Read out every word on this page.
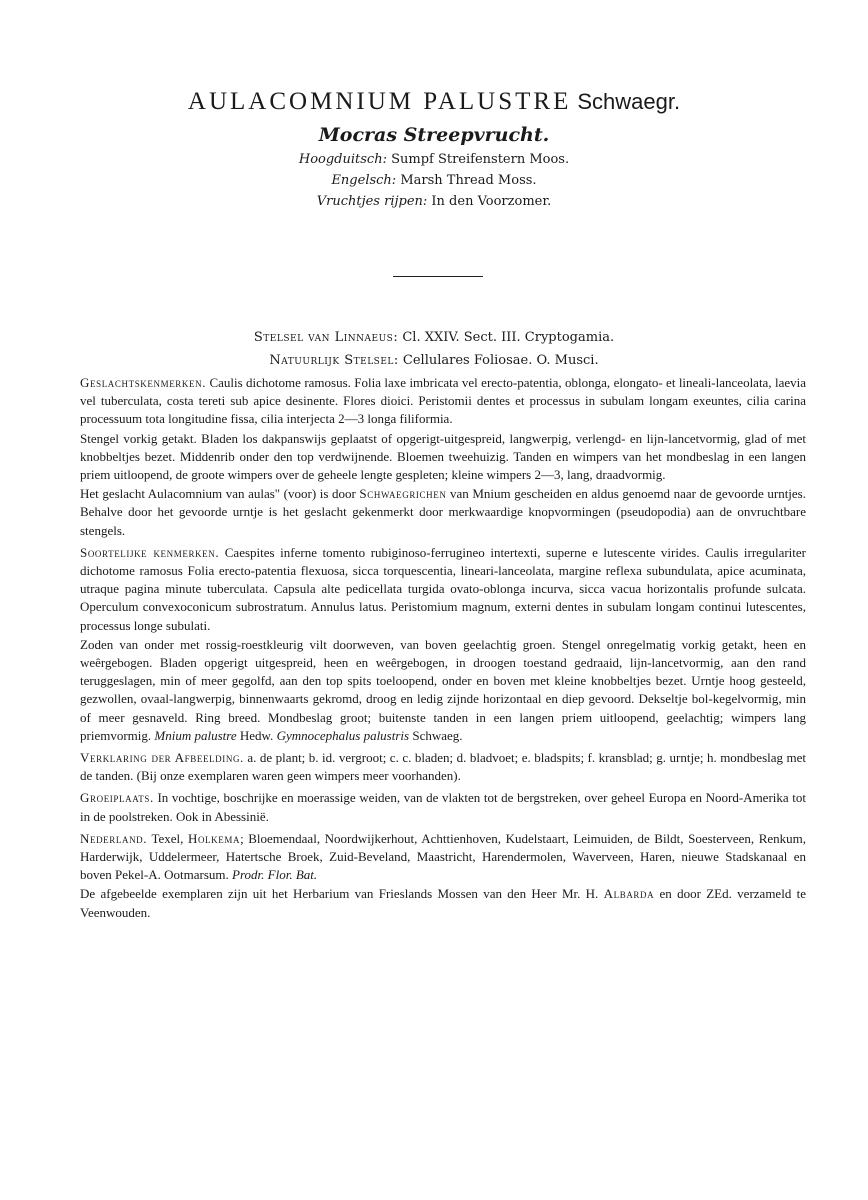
AULACOMNIUM PALUSTRE Schwaegr.
Mocras Streepvrucht.
Hoogduitsch: Sumpf Streifenstern Moos.
Engelsch: Marsh Thread Moss.
Vruchtjes rijpen: In den Voorzomer.
Stelsel van Linnaeus: Cl. XXIV. Sect. III. Cryptogamia.
Natuurlijk Stelsel: Cellulares Foliosae. O. Musci.

Geslachtskenmerken. Caulis dichotome ramosus. Folia laxe imbricata vel erecto-patentia, oblonga, elongato- et lineali-lanceolata, laevia vel tuberculata, costa tereti sub apice desinente. Flores dioici. Peristomii dentes et processus in subulam longam exeuntes, cilia carina processuum tota longitudine fissa, cilia interjecta 2—3 longa filiformia.

Stengel vorkig getakt. Bladen los dakpanswijs geplaatst of opgerigt-uitgespreid, langwerpig, verlengd- en lijn-lancetvormig, glad of met knobbeltjes bezet. Middenrib onder den top verdwijnende. Bloemen tweehuizig. Tanden en wimpers van het mondbeslag in een langen priem uitloopend, de groote wimpers over de geheele lengte gespleten; kleine wimpers 2—3, lang, draadvormig.

Het geslacht Aulacomnium van aulas" (voor) is door Schwaegrichen van Mnium gescheiden en aldus genoemd naar de gevoorde urntjes. Behalve door het gevoorde urntje is het geslacht gekenmerkt door merkwaardige knopvormingen (pseudopodia) aan de onvruchtbare stengels.

Soortelijke kenmerken. Caespites inferne tomento rubiginoso-ferrugineo intertexti, superne e lutescente virides. Caulis irregulariter dichotome ramosus Folia erecto-patentia flexuosa, sicca torquescentia, lineari-lanceolata, margine reflexa subundulata, apice acuminata, utraque pagina minute tuberculata. Capsula alte pedicellata turgida ovato-oblonga incurva, sicca vacua horizontalis profunde sulcata. Operculum convexoconicum subrostratum. Annulus latus. Peristomium magnum, externi dentes in subulam longam continui lutescentes, processus longe subulati.

Zoden van onder met rossig-roestkleurig vilt doorweven, van boven geelachtig groen. Stengel onregelmatig vorkig getakt, heen en weêrgebogen. Bladen opgerigt uitgespreid, heen en weêrgebogen, in droogen toestand gedraaid, lijn-lancetvormig, aan den rand teruggeslagen, min of meer gegolfd, aan den top spits toeloopend, onder en boven met kleine knobbeltjes bezet. Urntje hoog gesteeld, gezwollen, ovaal-langwerpig, binnenwaarts gekromd, droog en ledig zijnde horizontaal en diep gevoord. Dekseltje bol-kegelvormig, min of meer gesnaveld. Ring breed. Mondbeslag groot; buitenste tanden in een langen priem uitloopend, geelachtig; wimpers lang priemvormig. Mnium palustre Hedw. Gymnocephalus palustris Schwaeg.

Verklaring der Afbeelding. a. de plant; b. id. vergroot; c. c. bladen; d. bladvoet; e. bladspits; f. kransblad; g. urntje; h. mondbeslag met de tanden. (Bij onze exemplaren waren geen wimpers meer voorhanden).

Groeiplaats. In vochtige, boschrijke en moerassige weiden, van de vlakten tot de bergstreken, over geheel Europa en Noord-Amerika tot in de poolstreken. Ook in Abessinië.

Nederland. Texel, Holkema; Bloemendaal, Noordwijkerhout, Achttienhoven, Kudelstaart, Leimuiden, de Bildt, Soesterveen, Renkum, Harderwijk, Uddelermeer, Hatertsche Broek, Zuid-Beveland, Maastricht, Harendermolen, Waverveen, Haren, nieuwe Stadskanaal en boven Pekel-A. Ootmarsum. Prodr. Flor. Bat.

De afgebeelde exemplaren zijn uit het Herbarium van Frieslands Mossen van den Heer Mr. H. Albarda en door ZEd. verzameld te Veenwouden.
